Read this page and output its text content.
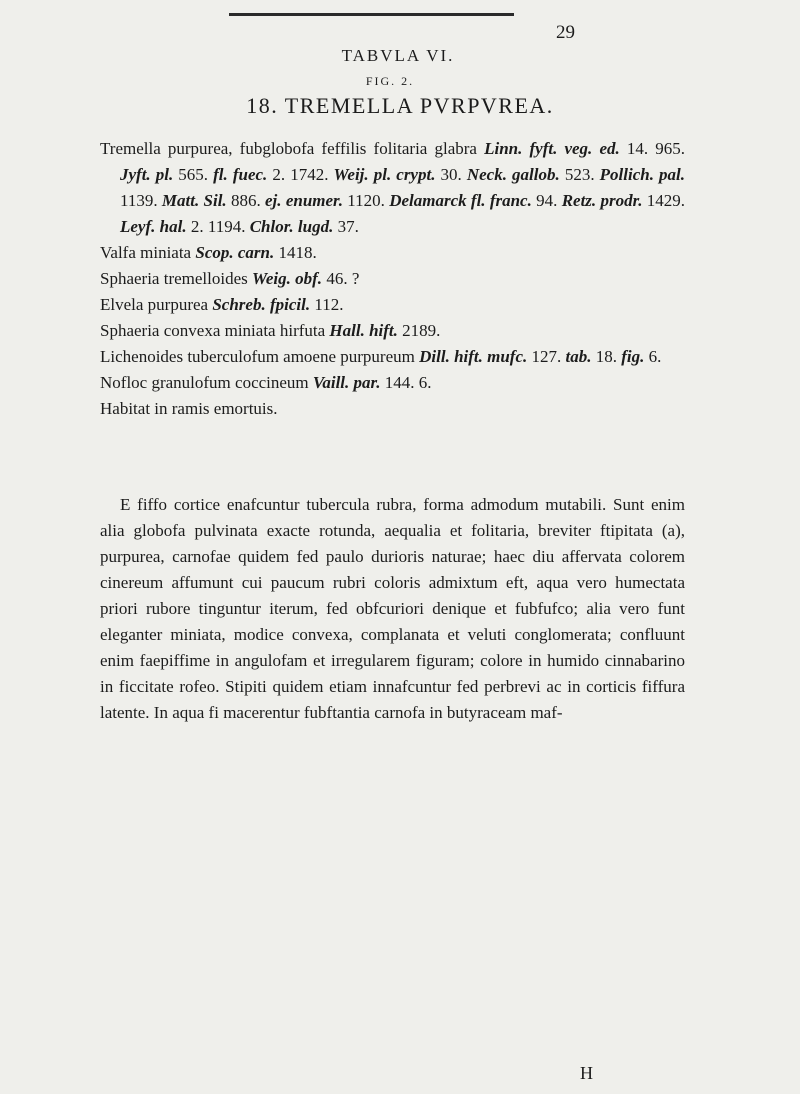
29
TABVLA VI.
FIG. 2.
18. TREMELLA PVRPVREA.

Tremella purpurea, fubglobofa feffilis folitaria glabra Linn. fyft. veg. ed. 14. 965. Jyft. pl. 565. fl. fuec. 2. 1742. Weij. pl. crypt. 30. Neck. gallob. 523. Pollich. pal. 1139. Matt. Sil. 886. ej. enumer. 1120. Delamarck fl. franc. 94. Retz. prodr. 1429. Leyf. hal. 2. 1194. Chlor. lugd. 37.

Valfa miniata Scop. carn. 1418.

Sphaeria tremelloides Weig. obf. 46. ?

Elvela purpurea Schreb. fpicil. 112.

Sphaeria convexa miniata hirfuta Hall. hift. 2189.

Lichenoides tuberculofum amoene purpureum Dill. hift. mufc. 127. tab. 18. fig. 6.

Nofloc granulofum coccineum Vaill. par. 144. 6.

Habitat in ramis emortuis.

E fiffo cortice enafcuntur tubercula rubra, forma admodum mutabili. Sunt enim alia globofa pulvinata exacte rotunda, aequalia et folitaria, breviter ftipitata (a), purpurea, carnofae quidem fed paulo durioris naturae; haec diu affervata colorem cinereum affumunt cui paucum rubri coloris admixtum eft, aqua vero humectata priori rubore tinguntur iterum, fed obfcuriori denique et fubfufco; alia vero funt eleganter miniata, modice convexa, complanata et veluti conglomerata; confluunt enim faepiffime in angulofam et irregularem figuram; colore in humido cinnabarino in ficcitate rofeo. Stipiti quidem etiam innafcuntur fed perbrevi ac in corticis fiffura latente. In aqua fi macerentur fubftantia carnofa in butyraceam maf-

H
